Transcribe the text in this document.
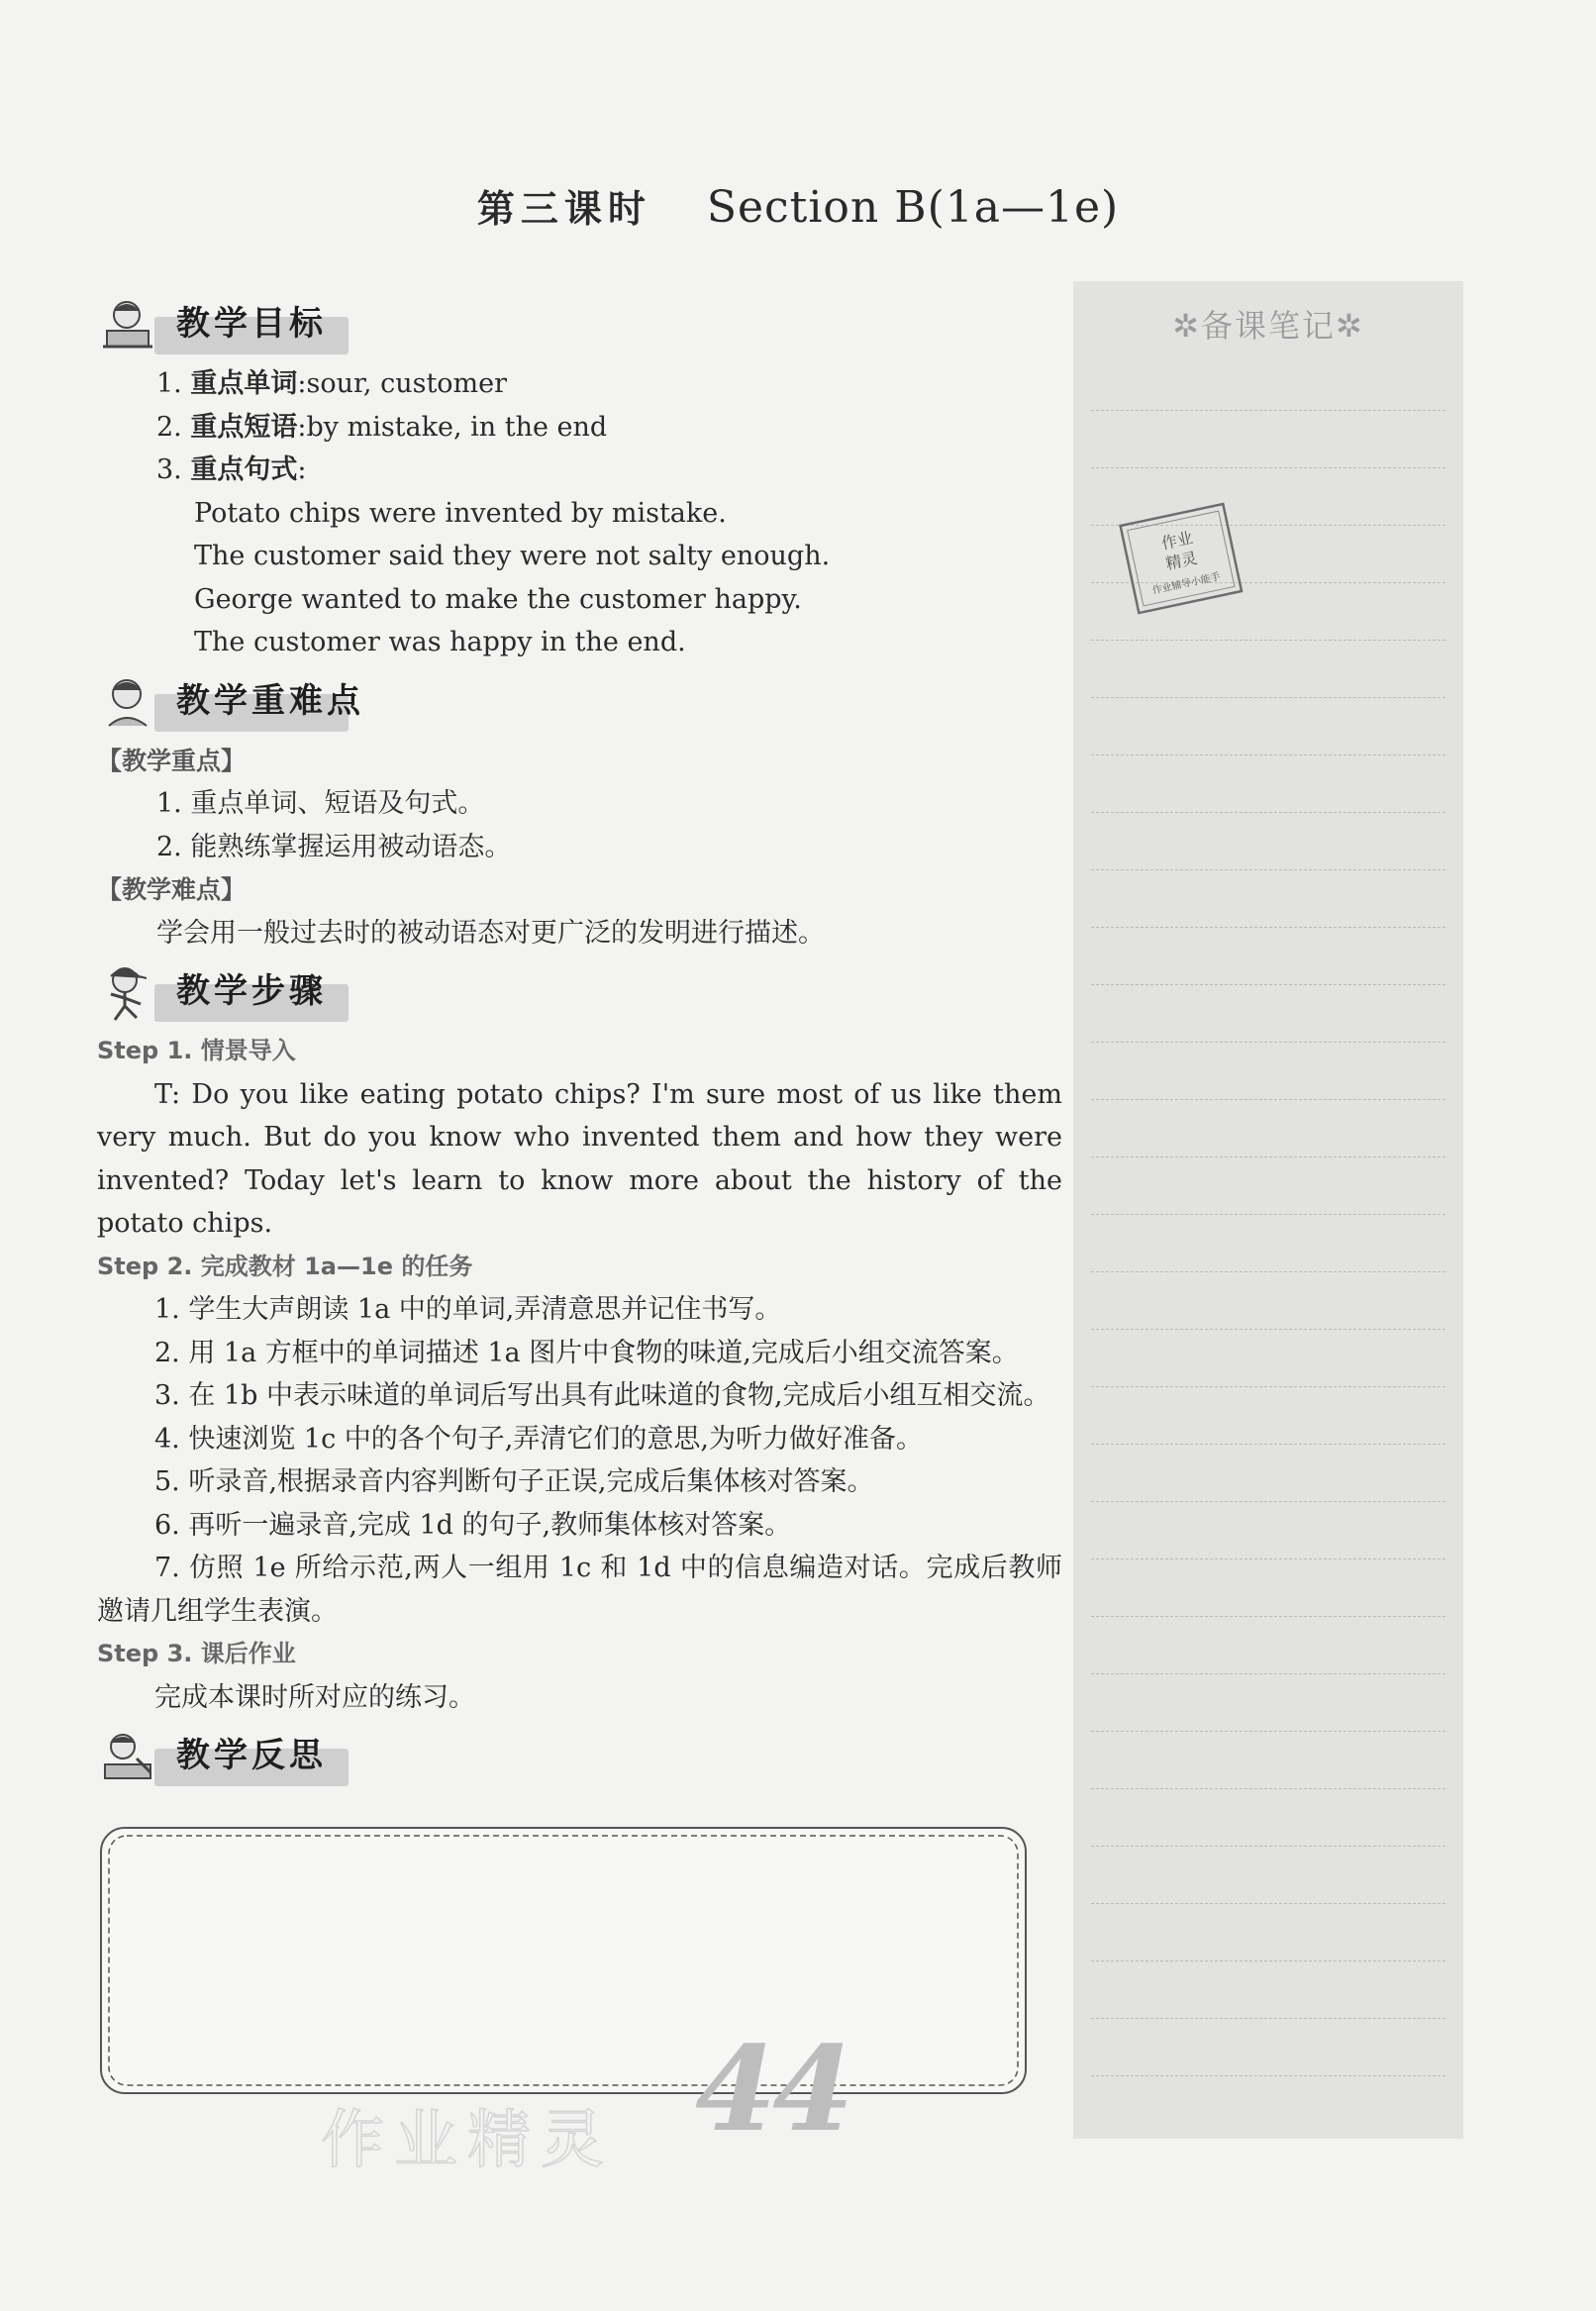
第三课时 Section B(1a—1e)
✲备课笔记✲
作业
精灵
作业辅导小能手
教学目标
1. 重点单词:sour, customer
2. 重点短语:by mistake, in the end
3. 重点句式:
Potato chips were invented by mistake.
The customer said they were not salty enough.
George wanted to make the customer happy.
The customer was happy in the end.
教学重难点
【教学重点】
1. 重点单词、短语及句式。
2. 能熟练掌握运用被动语态。
【教学难点】
学会用一般过去时的被动语态对更广泛的发明进行描述。
教学步骤
Step 1. 情景导入
T: Do you like eating potato chips? I'm sure most of us like them very much. But do you know who invented them and how they were invented? Today let's learn to know more about the history of the potato chips.
Step 2. 完成教材 1a—1e 的任务
1. 学生大声朗读 1a 中的单词,弄清意思并记住书写。
2. 用 1a 方框中的单词描述 1a 图片中食物的味道,完成后小组交流答案。
3. 在 1b 中表示味道的单词后写出具有此味道的食物,完成后小组互相交流。
4. 快速浏览 1c 中的各个句子,弄清它们的意思,为听力做好准备。
5. 听录音,根据录音内容判断句子正误,完成后集体核对答案。
6. 再听一遍录音,完成 1d 的句子,教师集体核对答案。
7. 仿照 1e 所给示范,两人一组用 1c 和 1d 中的信息编造对话。完成后教师邀请几组学生表演。
Step 3. 课后作业
完成本课时所对应的练习。
教学反思
44
作业精灵
